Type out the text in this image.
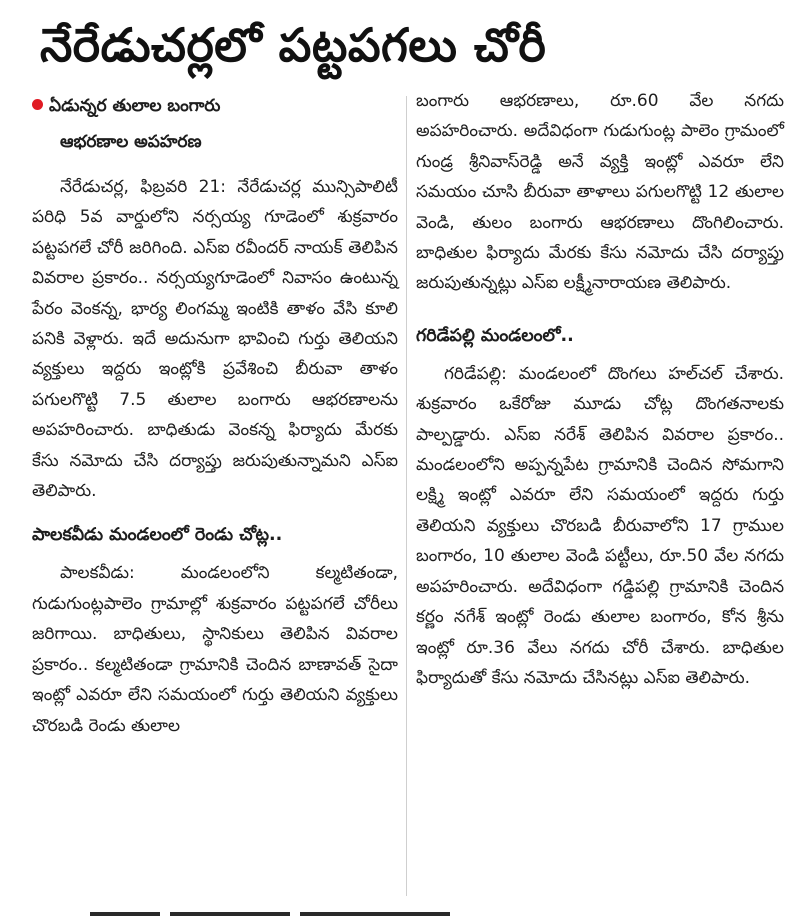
నేరేడుచర్లలో పట్టపగలు చోరీ
ఏడున్నర తులాల బంగారు
ఆభరణాల అపహరణ

నేరేడుచర్ల, ఫిబ్రవరి 21: నేరేడుచర్ల మున్సిపాలిటీ పరిధి 5వ వార్డులోని నర్సయ్య గూడెంలో శుక్రవారం పట్టపగలే చోరీ జరిగింది. ఎస్ఐ రవీందర్ నాయక్ తెలిపిన వివరాల ప్రకారం.. నర్సయ్యగూడెంలో నివాసం ఉంటున్న పేరం వెంకన్న, భార్య లింగమ్మ ఇంటికి తాళం వేసి కూలి పనికి వెళ్లారు. ఇదే అదునుగా భావించి గుర్తు తెలియని వ్యక్తులు ఇద్దరు ఇంట్లోకి ప్రవేశించి బీరువా తాళం పగులగొట్టి 7.5 తులాల బంగారు ఆభరణాలను అపహరించారు. బాధితుడు వెంకన్న ఫిర్యాదు మేరకు కేసు నమోదు చేసి దర్యాప్తు జరుపుతున్నామని ఎస్ఐ తెలిపారు.

పాలకవీడు మండలంలో రెండు చోట్ల..

పాలకవీడు: మండలంలోని కల్మటితండా, గుడుగుంట్లపాలెం గ్రామాల్లో శుక్రవారం పట్టపగలే చోరీలు జరిగాయి. బాధితులు, స్థానికులు తెలిపిన వివరాల ప్రకారం.. కల్మటితండా గ్రామానికి చెందిన బాణావత్ సైదా ఇంట్లో ఎవరూ లేని సమయంలో గుర్తు తెలియని వ్యక్తులు చొరబడి రెండు తులాల

బంగారు ఆభరణాలు, రూ.60 వేల నగదు అపహరించారు. అదేవిధంగా గుడుగుంట్ల పాలెం గ్రామంలో గుండ్ర శ్రీనివాస్‌రెడ్డి అనే వ్యక్తి ఇంట్లో ఎవరూ లేని సమయం చూసి బీరువా తాళాలు పగులగొట్టి 12 తులాల వెండి, తులం బంగారు ఆభరణాలు దొంగిలించారు. బాధితుల ఫిర్యాదు మేరకు కేసు నమోదు చేసి దర్యాప్తు జరుపుతున్నట్లు ఎస్ఐ లక్ష్మీనారాయణ తెలిపారు.

గరిడేపల్లి మండలంలో..

గరిడేపల్లి: మండలంలో దొంగలు హల్‌చల్ చేశారు. శుక్రవారం ఒకేరోజు మూడు చోట్ల దొంగతనాలకు పాల్పడ్డారు. ఎస్ఐ నరేశ్ తెలిపిన వివరాల ప్రకారం.. మండలంలోని అప్పన్నపేట గ్రామానికి చెందిన సోమగాని లక్ష్మి ఇంట్లో ఎవరూ లేని సమయంలో ఇద్దరు గుర్తు తెలియని వ్యక్తులు చొరబడి బీరువాలోని 17 గ్రాముల బంగారం, 10 తులాల వెండి పట్టీలు, రూ.50 వేల నగదు అపహరించారు. అదేవిధంగా గడ్డిపల్లి గ్రామానికి చెందిన కర్ణం నగేశ్ ఇంట్లో రెండు తులాల బంగారం, కోన శ్రీను ఇంట్లో రూ.36 వేలు నగదు చోరీ చేశారు. బాధితుల ఫిర్యాదుతో కేసు నమోదు చేసినట్లు ఎస్ఐ తెలిపారు.
